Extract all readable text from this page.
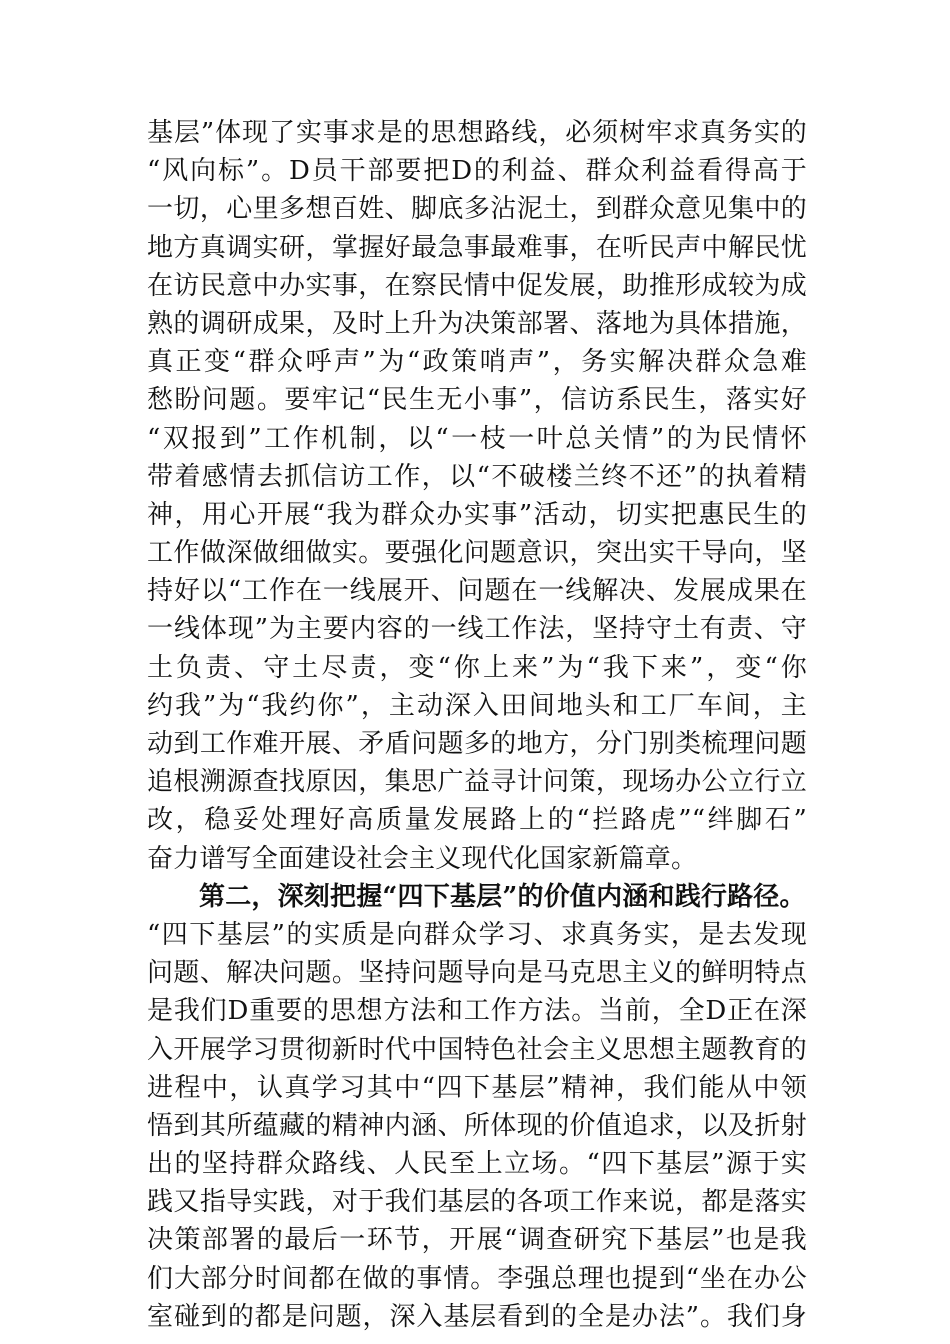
基层”体现了实事求是的思想路线，必须树牢求真务实的
“风向标”。D员干部要把D的利益、群众利益看得高于
一切，心里多想百姓、脚底多沾泥土，到群众意见集中的
地方真调实研，掌握好最急事最难事，在听民声中解民忧
在访民意中办实事，在察民情中促发展，助推形成较为成
熟的调研成果，及时上升为决策部署、落地为具体措施，
真正变“群众呼声”为“政策哨声”，务实解决群众急难
愁盼问题。要牢记“民生无小事”，信访系民生，落实好
“双报到”工作机制，以“一枝一叶总关情”的为民情怀
带着感情去抓信访工作，以“不破楼兰终不还”的执着精
神，用心开展“我为群众办实事”活动，切实把惠民生的
工作做深做细做实。要强化问题意识，突出实干导向，坚
持好以“工作在一线展开、问题在一线解决、发展成果在
一线体现”为主要内容的一线工作法，坚持守土有责、守
土负责、守土尽责，变“你上来”为“我下来”，变“你
约我”为“我约你”，主动深入田间地头和工厂车间，主
动到工作难开展、矛盾问题多的地方，分门别类梳理问题
追根溯源查找原因，集思广益寻计问策，现场办公立行立
改，稳妥处理好高质量发展路上的“拦路虎”“绊脚石”
奋力谱写全面建设社会主义现代化国家新篇章。
第二，深刻把握“四下基层”的价值内涵和践行路径。
“四下基层”的实质是向群众学习、求真务实，是去发现
问题、解决问题。坚持问题导向是马克思主义的鲜明特点
是我们D重要的思想方法和工作方法。当前，全D正在深
入开展学习贯彻新时代中国特色社会主义思想主题教育的
进程中，认真学习其中“四下基层”精神，我们能从中领
悟到其所蕴藏的精神内涵、所体现的价值追求，以及折射
出的坚持群众路线、人民至上立场。“四下基层”源于实
践又指导实践，对于我们基层的各项工作来说，都是落实
决策部署的最后一环节，开展“调查研究下基层”也是我
们大部分时间都在做的事情。李强总理也提到“坐在办公
室碰到的都是问题，深入基层看到的全是办法”。我们身
